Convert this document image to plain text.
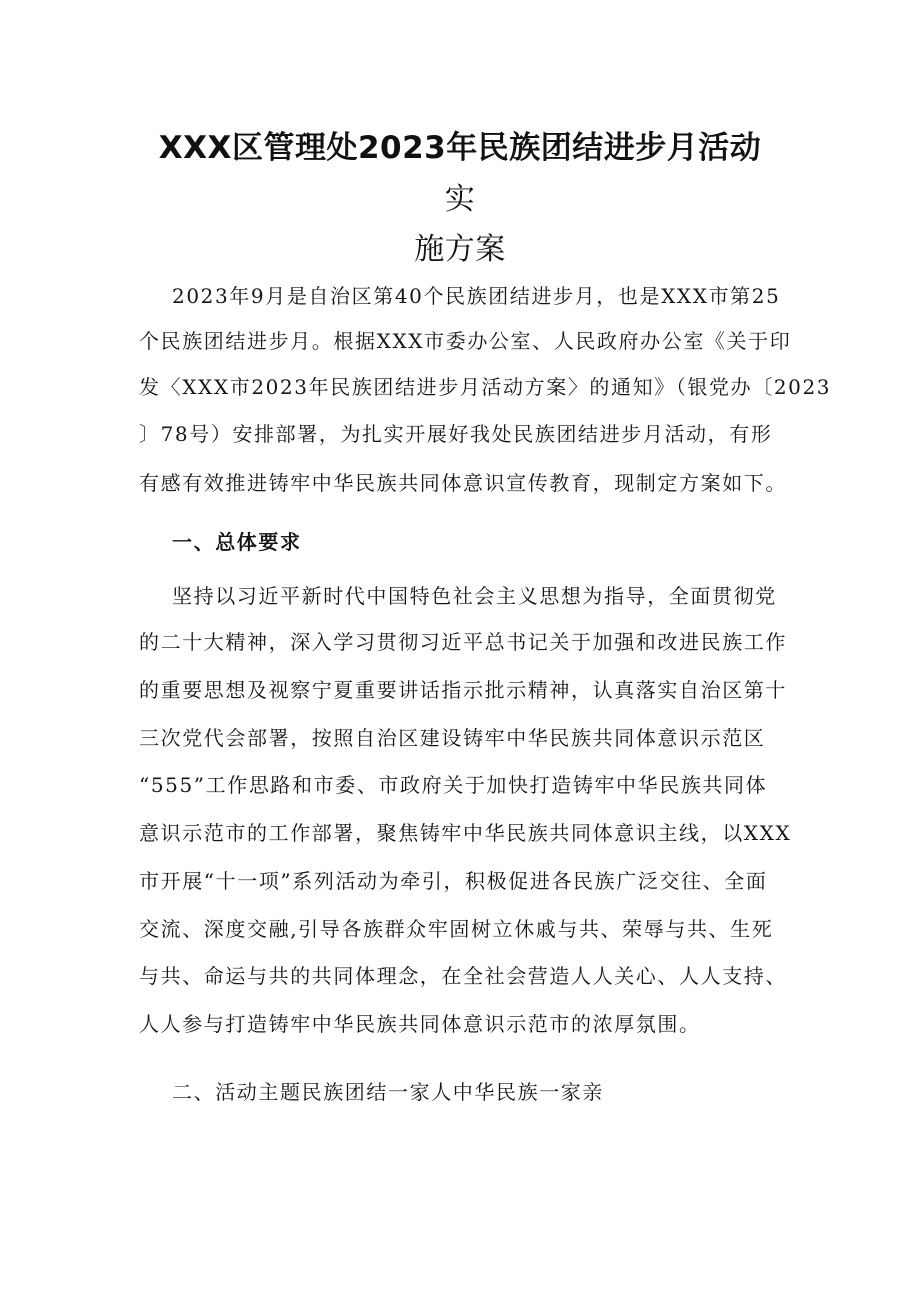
XXX区管理处2023年民族团结进步月活动
实
施方案
2023年9月是自治区第40个民族团结进步月，也是XXX市第25
个民族团结进步月。根据XXX市委办公室、人民政府办公室《关于印
发〈XXX市2023年民族团结进步月活动方案〉的通知》（银党办〔2023
〕78号）安排部署，为扎实开展好我处民族团结进步月活动，有形
有感有效推进铸牢中华民族共同体意识宣传教育，现制定方案如下。
一、总体要求
坚持以习近平新时代中国特色社会主义思想为指导，全面贯彻党
的二十大精神，深入学习贯彻习近平总书记关于加强和改进民族工作
的重要思想及视察宁夏重要讲话指示批示精神，认真落实自治区第十
三次党代会部署，按照自治区建设铸牢中华民族共同体意识示范区
“555”工作思路和市委、市政府关于加快打造铸牢中华民族共同体
意识示范市的工作部署，聚焦铸牢中华民族共同体意识主线，以XXX
市开展“十一项”系列活动为牵引，积极促进各民族广泛交往、全面
交流、深度交融,引导各族群众牢固树立休戚与共、荣辱与共、生死
与共、命运与共的共同体理念，在全社会营造人人关心、人人支持、
人人参与打造铸牢中华民族共同体意识示范市的浓厚氛围。
二、活动主题民族团结一家人中华民族一家亲
